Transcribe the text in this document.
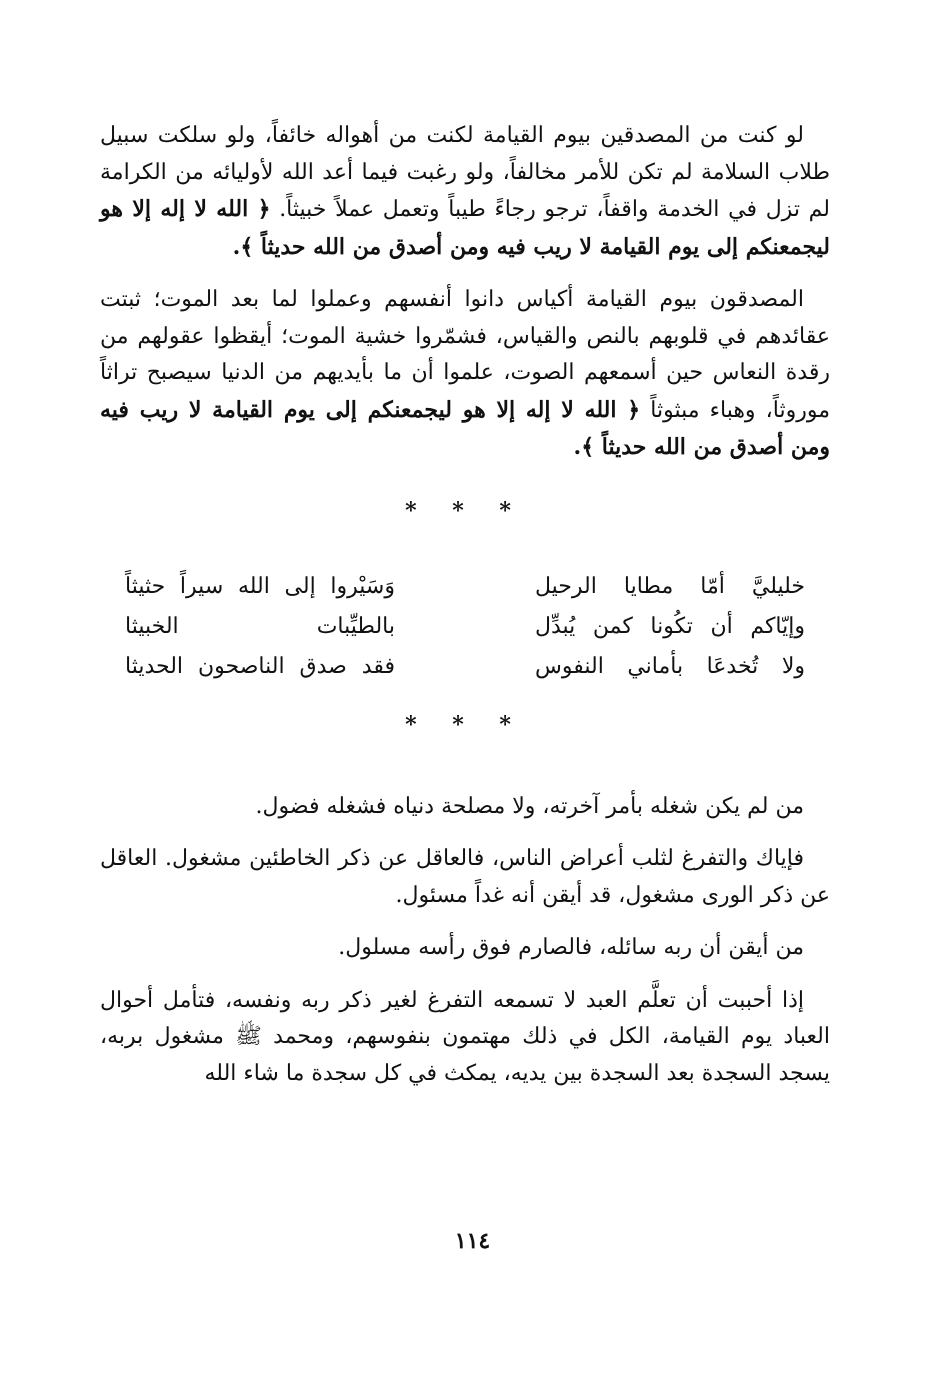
لو كنت من المصدقين بيوم القيامة لكنت من أهواله خائفاً، ولو سلكت سبيل طلاب السلامة لم تكن للأمر مخالفاً، ولو رغبت فيما أعد الله لأوليائه من الكرامة لم تزل في الخدمة واقفاً، ترجو رجاءً طيباً وتعمل عملاً خبيثاً. ﴿ الله لا إله إلا هو ليجمعنكم إلى يوم القيامة لا ريب فيه ومن أصدق من الله حديثاً ﴾.

المصدقون بيوم القيامة أكياس دانوا أنفسهم وعملوا لما بعد الموت؛ ثبتت عقائدهم في قلوبهم بالنص والقياس، فشمّروا خشية الموت؛ أيقظوا عقولهم من رقدة النعاس حين أسمعهم الصوت، علموا أن ما بأيديهم من الدنيا سيصبح تراثاً موروثاً، وهباء مبثوثاً ﴿ الله لا إله إلا هو ليجمعنكم إلى يوم القيامة لا ريب فيه ومن أصدق من الله حديثاً ﴾.

* * *
خليليَّ أمّا مطايا الرحيل
وَسَيْروا إلى الله سيراً حثيثاً
وإيّاكم أن تكُونا كمن يُبدِّل
بالطيِّبات الخبيثا
ولا تُخدعَا بأماني النفوس
فقد صدق الناصحون الحديثا
* * *

من لم يكن شغله بأمر آخرته، ولا مصلحة دنياه فشغله فضول.

فإياك والتفرغ لثلب أعراض الناس، فالعاقل عن ذكر الخاطئين مشغول. العاقل عن ذكر الورى مشغول، قد أيقن أنه غداً مسئول.

من أيقن أن ربه سائله، فالصارم فوق رأسه مسلول.

إذا أحببت أن تعلَّم العبد لا تسمعه التفرغ لغير ذكر ربه ونفسه، فتأمل أحوال العباد يوم القيامة، الكل في ذلك مهتمون بنفوسهم، ومحمد ﷺ مشغول بربه، يسجد السجدة بعد السجدة بين يديه، يمكث في كل سجدة ما شاء الله

١١٤
